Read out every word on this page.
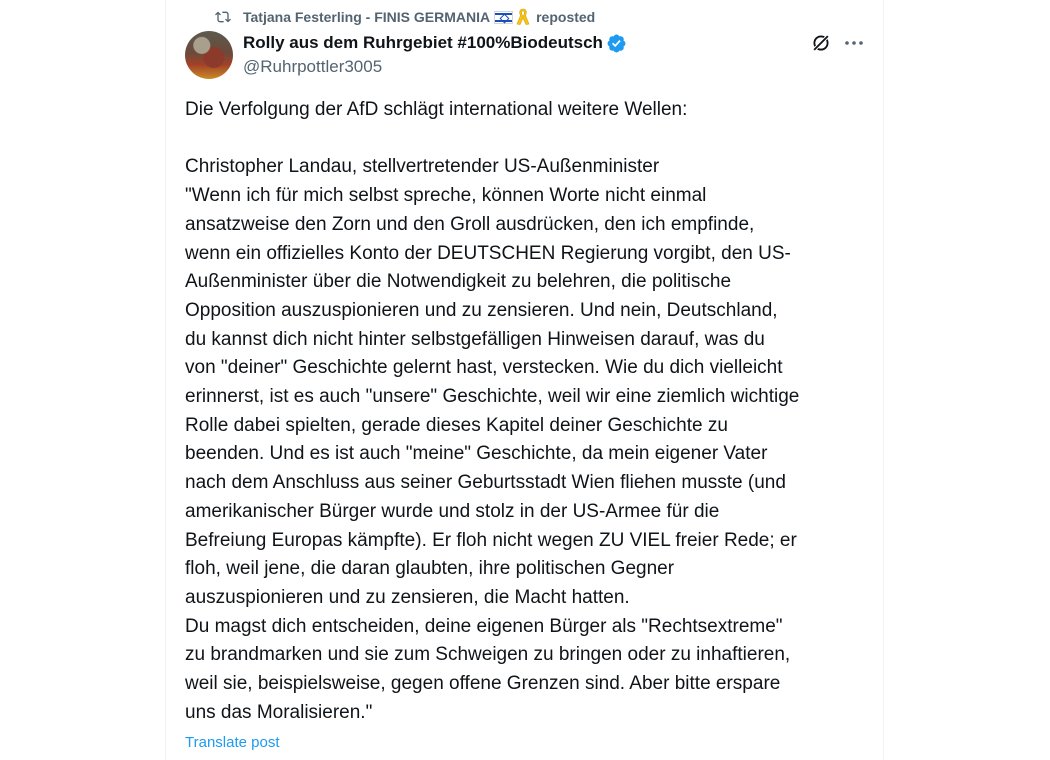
Tatjana Festerling - FINIS GERMANIA	reposted
Rolly aus dem Ruhrgebiet #100%Biodeutsch
@Ruhrpottler3005
Die Verfolgung der AfD schlägt international weitere Wellen:

Christopher Landau, stellvertretender US-Außenminister
"Wenn ich für mich selbst spreche, können Worte nicht einmal
ansatzweise den Zorn und den Groll ausdrücken, den ich empfinde,
wenn ein offizielles Konto der DEUTSCHEN Regierung vorgibt, den US-
Außenminister über die Notwendigkeit zu belehren, die politische
Opposition auszuspionieren und zu zensieren. Und nein, Deutschland,
du kannst dich nicht hinter selbstgefälligen Hinweisen darauf, was du
von "deiner" Geschichte gelernt hast, verstecken. Wie du dich vielleicht
erinnerst, ist es auch "unsere" Geschichte, weil wir eine ziemlich wichtige
Rolle dabei spielten, gerade dieses Kapitel deiner Geschichte zu
beenden. Und es ist auch "meine" Geschichte, da mein eigener Vater
nach dem Anschluss aus seiner Geburtsstadt Wien fliehen musste (und
amerikanischer Bürger wurde und stolz in der US-Armee für die
Befreiung Europas kämpfte). Er floh nicht wegen ZU VIEL freier Rede; er
floh, weil jene, die daran glaubten, ihre politischen Gegner
auszuspionieren und zu zensieren, die Macht hatten.
Du magst dich entscheiden, deine eigenen Bürger als "Rechtsextreme"
zu brandmarken und sie zum Schweigen zu bringen oder zu inhaftieren,
weil sie, beispielsweise, gegen offene Grenzen sind. Aber bitte erspare
uns das Moralisieren."
Translate post
